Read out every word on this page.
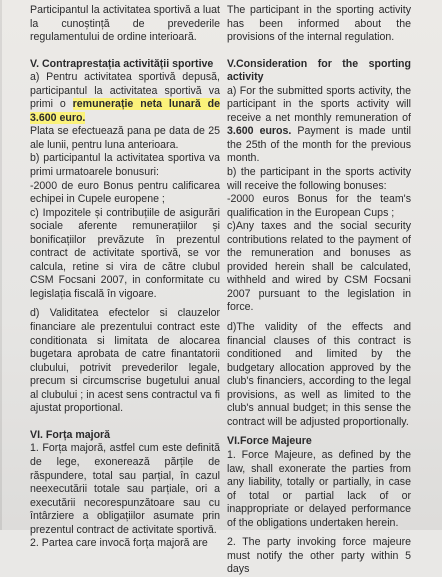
Participantul la activitatea sportivă a luat la cunoștință de prevederile regulamentului de ordine interioară.
V. Contraprestația activității sportive
a) Pentru activitatea sportivă depusă, participantul la activitatea sportivă va primi o remunerație neta lunară de 3.600 euro.
Plata se efectuează pana pe data de 25 ale lunii, pentru luna anterioara.
b) participantul la activitatea sportiva va primi urmatoarele bonusuri:
-2000 de euro Bonus pentru calificarea echipei in Cupele europene ;
c) Impozitele și contribuțiile de asigurări sociale aferente remunerațiilor și bonificațiilor prevăzute în prezentul contract de activitate sportivă, se vor calcula, retine si vira de către clubul CSM Focsani 2007, in conformitate cu legislația fiscală în vigoare.
d) Validitatea efectelor si clauzelor financiare ale prezentului contract este conditionata si limitata de alocarea bugetara aprobata de catre finantatorii clubului, potrivit prevederilor legale, precum si circumscrise bugetului anual al clubului ; in acest sens contractul va fi ajustat proportional.
VI. Forța majoră
1. Forța majoră, astfel cum este definită de lege, exonerează părțile de răspundere, total sau parțial, în cazul neexecutării totale sau parțiale, ori a executării necorespunzătoare sau cu întârziere a obligațiilor asumate prin prezentul contract de activitate sportivă.
2. Partea care invocă forța majoră are
The participant in the sporting activity has been informed about the provisions of the internal regulation.
V.Consideration for the sporting activity
a) For the submitted sports activity, the participant in the sports activity will receive a net monthly remuneration of 3.600 euros. Payment is made until the 25th of the month for the previous month.
b) the participant in the sports activity will receive the following bonuses:
-2000 euros Bonus for the team's qualification in the European Cups ;
c)Any taxes and the social security contributions related to the payment of the remuneration and bonuses as provided herein shall be calculated, withheld and wired by CSM Focsani 2007 pursuant to the legislation in force.
d)The validity of the effects and financial clauses of this contract is conditioned and limited by the budgetary allocation approved by the club's financiers, according to the legal provisions, as well as limited to the club's annual budget; in this sense the contract will be adjusted proportionally.
VI.Force Majeure
1. Force Majeure, as defined by the law, shall exonerate the parties from any liability, totally or partially, in case of total or partial lack of or inappropriate or delayed performance of the obligations undertaken herein.
2. The party invoking force majeure must notify the other party within 5 days
